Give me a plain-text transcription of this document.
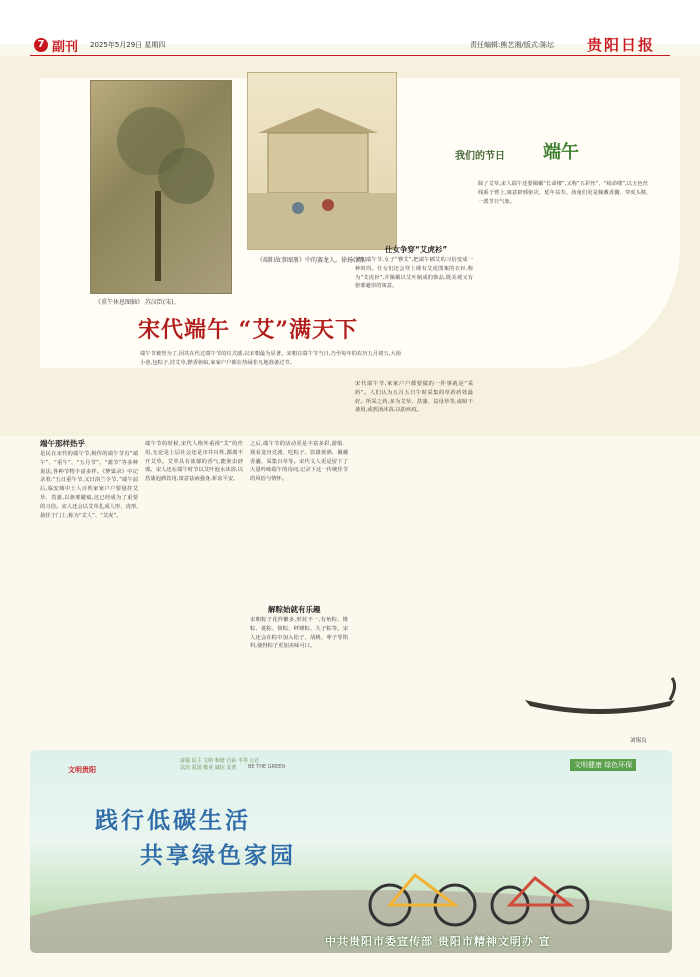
7 副刊 2025年5月29日 星期四	责任编辑:熊艺湘/版式:陈坛 贵阳日报
《重午休息图轴》 苏汉臣(宋)。
《端阳故事图册》中的赛龙人。徐扬(清)。
我们的节日 端午
宋代端午 “艾”满天下
端午节被誉为了,因其在代过端午节的仪式感,以宋朝最为显著。宋朝在端午节当日,乃至每年的农历五月初五,大街小巷,包粽子,挂艾草,燃香驱蚊,家家户户都在热闹非凡地准备过节。
端午那样热乎
是民在宋代的端午节,相传的端午节有“端午”、“重午”、“五月节”、“蒲节”等多种说法,各种节物丰富多样。《梦粱录》中记录着:“五日重午节,又曰浴兰令节。”端午前后,临安城中士人百姓家家户户要悬挂艾草、菖蒲,以驱邪避瘟,这已经成为了重要的习俗。宋人还会以艾草扎成人形、虎形,悬挂于门上,称为“艾人”、“艾虎”。
端午节的时候,宋代人格外重视“艾”的作用,无论是上层社会还是市井百姓,都离不开艾草。艾草具有浓郁的香气,能驱虫辟邪。宋人还在端午时节以艾叶泡水沐浴,以菖蒲泡酒饮用,寓意祛病强身,祈求平安。
之后,端午节的活动更是丰富多彩,游船、观看龙舟竞渡、吃粽子、饮雄黄酒、佩戴香囊、采集百草等。宋代文人更是留下了大量吟咏端午的诗词,记录下这一传统佳节的风俗与情怀。
解粽始就有乐趣
宋朝粽子花样繁多,形状不一,有角粽、锥粽、菱粽、筒粽、秤锤粽、九子粽等。宋人还会在粽中加入松子、胡桃、枣子等馅料,使得粽子更加美味可口。
仕女争穿“艾虎衫”
宋朝端午节,女子“簪艾”,把端午插艾的习俗变成一种时尚。仕女们还会穿上绣有艾虎图案的衣衫,称为“艾虎衫”,并佩戴以艾叶制成的饰品,既美观又有驱邪避祟的寓意。
宋代端午节,家家户户都要做的一件事就是“采药”。人们认为五月五日午时采集的草药药效最好。所采之药,多为艾草、菖蒲、益母草等,或晾干备用,或煎汤沐浴,以防疾疫。
除了艾草,宋人端午还要佩戴“长命缕”,又称“五彩丝”、“续命缕”,以五色丝线系于臂上,寓意辟邪驱灾、延年益寿。孩童们更是佩戴香囊、穿虎头鞋,一派节日气象。
刘锡良
文明贵阳
富强 民主 文明 和谐 自由 平等 公正 法治 爱国 敬业 诚信 友善	BE THE GREEN	文明健康 绿色环保
践行低碳生活
共享绿色家园
中共贵阳市委宣传部 贵阳市精神文明办 宣
